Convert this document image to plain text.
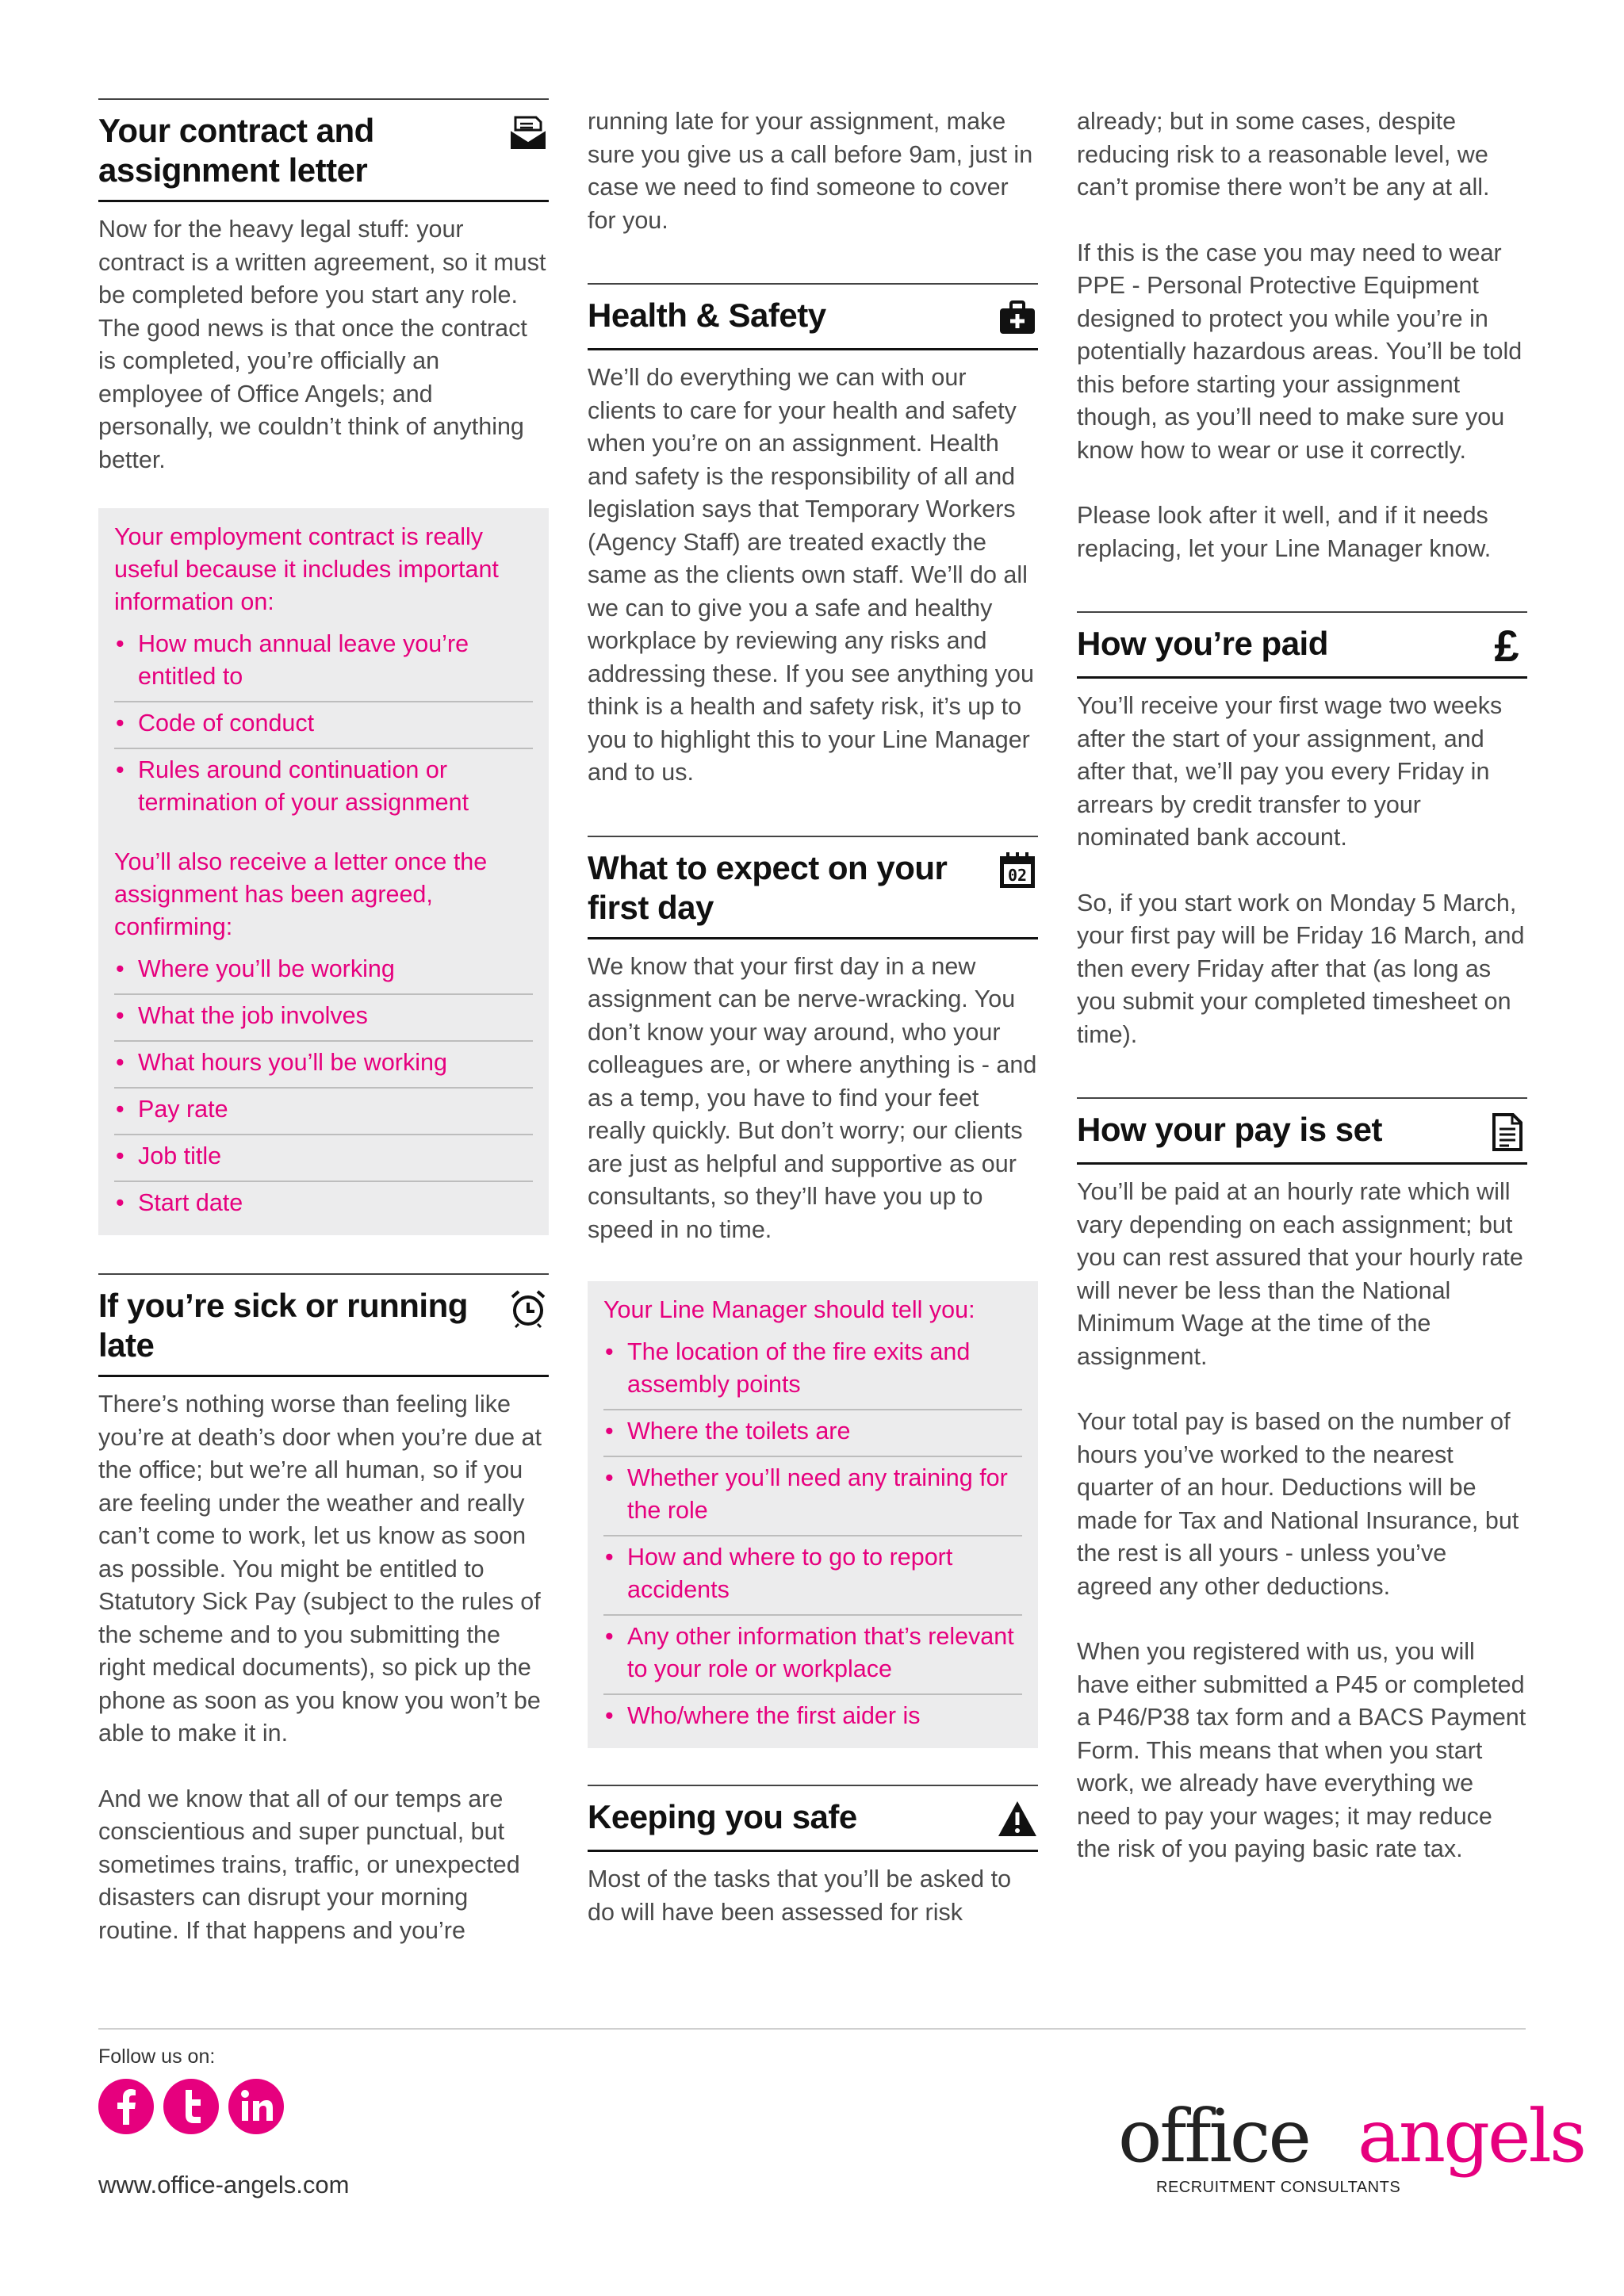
Your contract and
assignment letter

Now for the heavy legal stuff: your contract is a written agreement, so it must be completed before you start any role. The good news is that once the contract is completed, you’re officially an employee of Office Angels; and personally, we couldn’t think of anything better.

Your employment contract is really useful because it includes important information on:

• How much annual leave you’re entitled to
• Code of conduct
• Rules around continuation or termination of your assignment

You’ll also receive a letter once the assignment has been agreed, confirming:

• Where you’ll be working
• What the job involves
• What hours you’ll be working
• Pay rate
• Job title
• Start date
If you’re sick or running late

There’s nothing worse than feeling like you’re at death’s door when you’re due at the office; but we’re all human, so if you are feeling under the weather and really can’t come to work, let us know as soon as possible. You might be entitled to Statutory Sick Pay (subject to the rules of the scheme and to you submitting the right medical documents), so pick up the phone as soon as you know you won’t be able to make it in.

And we know that all of our temps are conscientious and super punctual, but sometimes trains, traffic, or unexpected disasters can disrupt your morning routine. If that happens and you’re

running late for your assignment, make sure you give us a call before 9am, just in case we need to find someone to cover for you.

Health & Safety

We’ll do everything we can with our clients to care for your health and safety when you’re on an assignment. Health and safety is the responsibility of all and legislation says that Temporary Workers (Agency Staff) are treated exactly the same as the clients own staff. We’ll do all we can to give you a safe and healthy workplace by reviewing any risks and addressing these. If you see anything you think is a health and safety risk, it’s up to you to highlight this to your Line Manager and to us.

What to expect on your
first day
02

We know that your first day in a new assignment can be nerve-wracking. You don’t know your way around, who your colleagues are, or where anything is - and as a temp, you have to find your feet really quickly. But don’t worry; our clients are just as helpful and supportive as our consultants, so they’ll have you up to speed in no time.

Your Line Manager should tell you:

• The location of the fire exits and assembly points
• Where the toilets are
• Whether you’ll need any training for the role
• How and where to go to report accidents
• Any other information that’s relevant to your role or workplace
• Who/where the first aider is
Keeping you safe

Most of the tasks that you’ll be asked to do will have been assessed for risk

already; but in some cases, despite reducing risk to a reasonable level, we can’t promise there won’t be any at all.

If this is the case you may need to wear PPE - Personal Protective Equipment designed to protect you while you’re in potentially hazardous areas. You’ll be told this before starting your assignment though, as you’ll need to make sure you know how to wear or use it correctly.

Please look after it well, and if it needs replacing, let your Line Manager know.

How you’re paid	£

You’ll receive your first wage two weeks after the start of your assignment, and after that, we’ll pay you every Friday in arrears by credit transfer to your nominated bank account.

So, if you start work on Monday 5 March, your first pay will be Friday 16 March, and then every Friday after that (as long as you submit your completed timesheet on time).

How your pay is set

You’ll be paid at an hourly rate which will vary depending on each assignment; but you can rest assured that your hourly rate will never be less than the National Minimum Wage at the time of the assignment.

Your total pay is based on the number of hours you’ve worked to the nearest quarter of an hour. Deductions will be made for Tax and National Insurance, but the rest is all yours - unless you’ve agreed any other deductions.

When you registered with us, you will have either submitted a P45 or completed a P46/P38 tax form and a BACS Payment Form. This means that when you start work, we already have everything we need to pay your wages; it may reduce the risk of you paying basic rate tax.

Follow us on:
www.office-angels.com
office angels
RECRUITMENT CONSULTANTS
